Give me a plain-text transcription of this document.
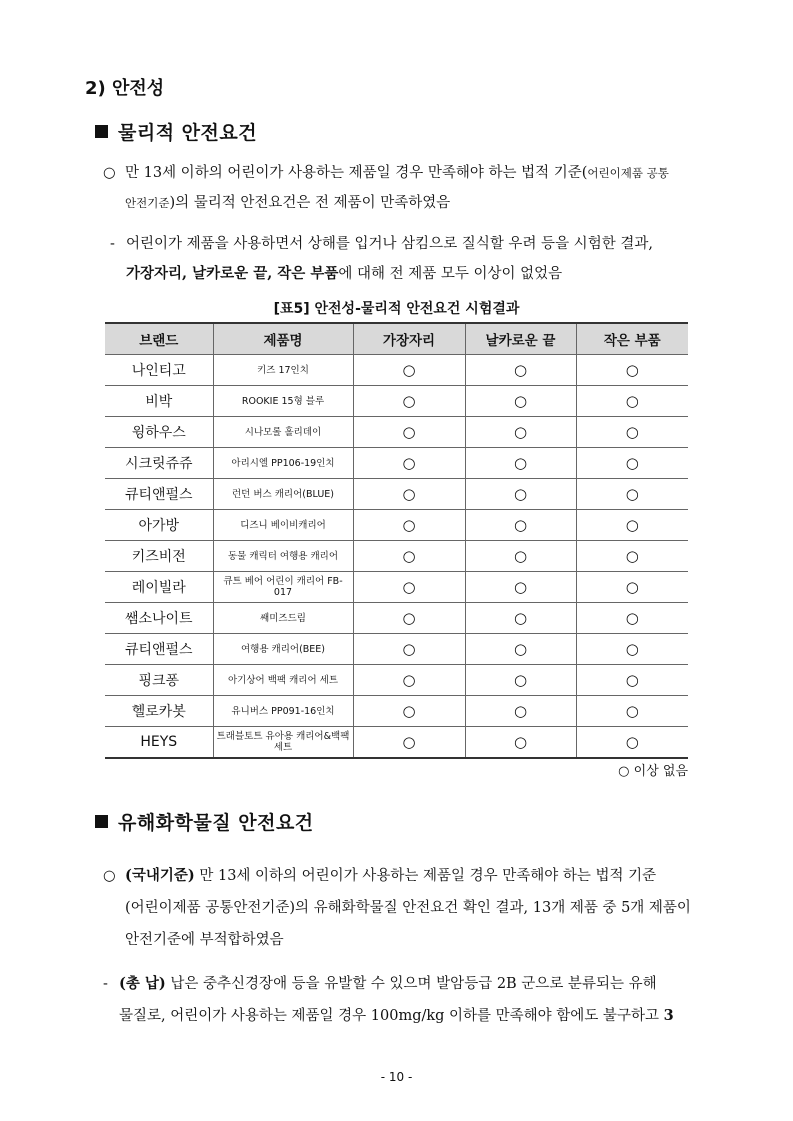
2) 안전성
물리적 안전요건
○ 만 13세 이하의 어린이가 사용하는 제품일 경우 만족해야 하는 법적 기준(어린이제품 공통
안전기준)의 물리적 안전요건은 전 제품이 만족하였음
- 어린이가 제품을 사용하면서 상해를 입거나 삼킴으로 질식할 우려 등을 시험한 결과,
가장자리, 날카로운 끝, 작은 부품에 대해 전 제품 모두 이상이 없었음
[표5] 안전성-물리적 안전요건 시험결과
브랜드	제품명	가장자리	날카로운 끝	작은 부품
나인티고	키즈 17인치	○	○	○
비박	ROOKIE 15형 블루	○	○	○
윙하우스	시나모롤 홀리데이	○	○	○
시크릿쥬쥬	아리시엘 PP106-19인치	○	○	○
큐티앤펄스	런던 버스 캐리어(BLUE)	○	○	○
아가방	디즈니 베이비캐리어	○	○	○
키즈비전	동물 캐릭터 여행용 캐리어	○	○	○
레이빌라	큐트 베어 어린이 캐리어 FB-017	○	○	○
쌤소나이트	쌔미즈드림	○	○	○
큐티앤펄스	여행용 캐리어(BEE)	○	○	○
핑크퐁	아기상어 백팩 캐리어 세트	○	○	○
헬로카봇	유니버스 PP091-16인치	○	○	○
HEYS	트래블토트 유아용 캐리어&백팩세트	○	○	○
○ 이상 없음
유해화학물질 안전요건
○ (국내기준) 만 13세 이하의 어린이가 사용하는 제품일 경우 만족해야 하는 법적 기준
(어린이제품 공통안전기준)의 유해화학물질 안전요건 확인 결과, 13개 제품 중 5개 제품이
안전기준에 부적합하였음
- (총 납) 납은 중추신경장애 등을 유발할 수 있으며 발암등급 2B 군으로 분류되는 유해
물질로, 어린이가 사용하는 제품일 경우 100mg/kg 이하를 만족해야 함에도 불구하고 3
- 10 -
